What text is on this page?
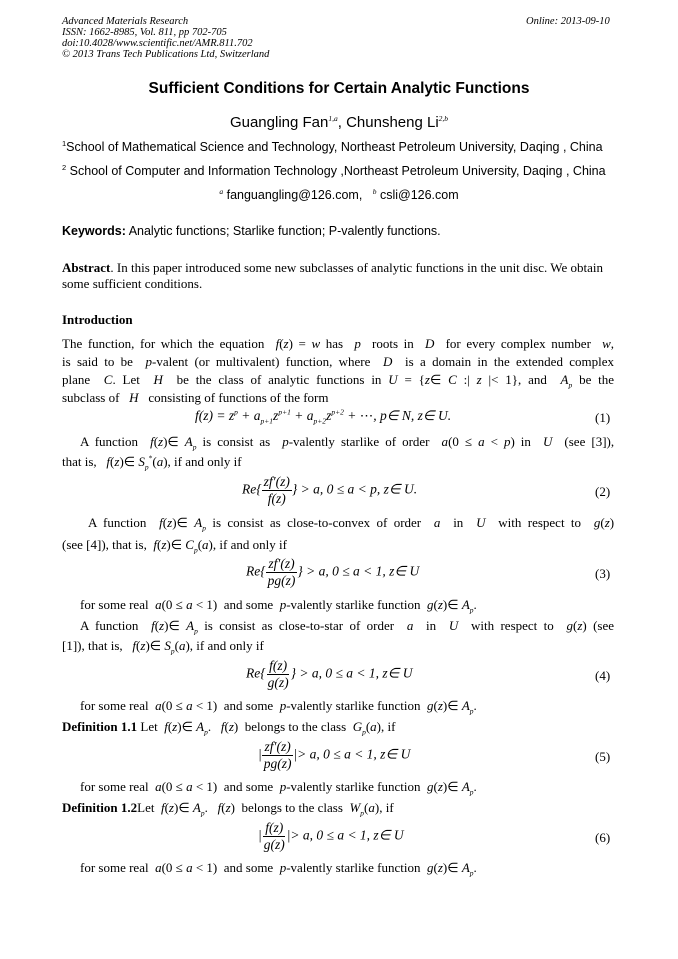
Advanced Materials Research
ISSN: 1662-8985, Vol. 811, pp 702-705
doi:10.4028/www.scientific.net/AMR.811.702
© 2013 Trans Tech Publications Ltd, Switzerland
Online: 2013-09-10
Sufficient Conditions for Certain Analytic Functions
Guangling Fan$^{1,a}$, Chunsheng Li$^{2,b}$
$^1$School of Mathematical Science and Technology, Northeast Petroleum University, Daqing , China
$^2$ School of Computer and Information Technology ,Northeast Petroleum University, Daqing , China
$^a$ fanguangling@126.com, $^b$ csli@126.com
Keywords: Analytic functions; Starlike function; P-valently functions.
Abstract. In this paper introduced some new subclasses of analytic functions in the unit disc. We obtain some sufficient conditions.
Introduction
The function, for which the equation  f(z) = w has  p  roots in  D  for every complex number  w,
is said to be  p-valent (or multivalent) function, where  D  is a domain in the extended complex
plane  C. Let  H  be the class of analytic functions in U = {z∈ C :| z |< 1}, and  $A_p$ be the
subclass of   H   consisting of functions of the form
$f(z) = z^p + a_{p+1}z^{p+1} + a_{p+2}z^{p+2}$ + ⋯, p∈ N, z∈ U.	(1)
A function  f(z)∈ $A_p$ is consist as  p-valently starlike of order  a(0 ≤ a < p) in  U  (see [3]),
that is,   f(z)∈ $S_p^*(a)$, if and only if
$Re\{ \frac{zf'(z)}{f(z)}$ } > a, 0 ≤ a < p, z∈ U.	(2)
A function  f(z)∈ $A_p$ is consist as close-to-convex of order  a  in  U  with respect to  g(z)
(see [4]), that is,  f(z)∈ $C_p(a)$, if and only if
$Re\{ \frac{zf'(z)}{pg(z)}$ } > a, 0 ≤ a < 1, z∈ U	(3)
for some real  a(0 ≤ a < 1)  and some  p-valently starlike function  g(z)∈ $A_p$.
A function  f(z)∈ $A_p$ is consist as close-to-star of order  a  in  U  with respect to  g(z) (see
[1]), that is,   f(z)∈ $S_p(a)$, if and only if
$Re\{ \frac{f(z)}{g(z)}$ } > a, 0 ≤ a < 1, z∈ U	(4)
for some real  a(0 ≤ a < 1)  and some  p-valently starlike function  g(z)∈ $A_p$.
Definition 1.1 Let  f(z)∈ $A_p$.   f(z)  belongs to the class  $G_p(a)$, if
| $\frac{zf'(z)}{pg(z)}$ |> a, 0 ≤ a < 1, z∈ U	(5)
for some real  a(0 ≤ a < 1)  and some  p-valently starlike function  g(z)∈ $A_p$.
Definition 1.2Let  f(z)∈ $A_p$.   f(z)  belongs to the class  $W_p(a)$, if
| $\frac{f(z)}{g(z)}$ |> a, 0 ≤ a < 1, z∈ U	(6)
for some real  a(0 ≤ a < 1)  and some  p-valently starlike function  g(z)∈ $A_p$.
